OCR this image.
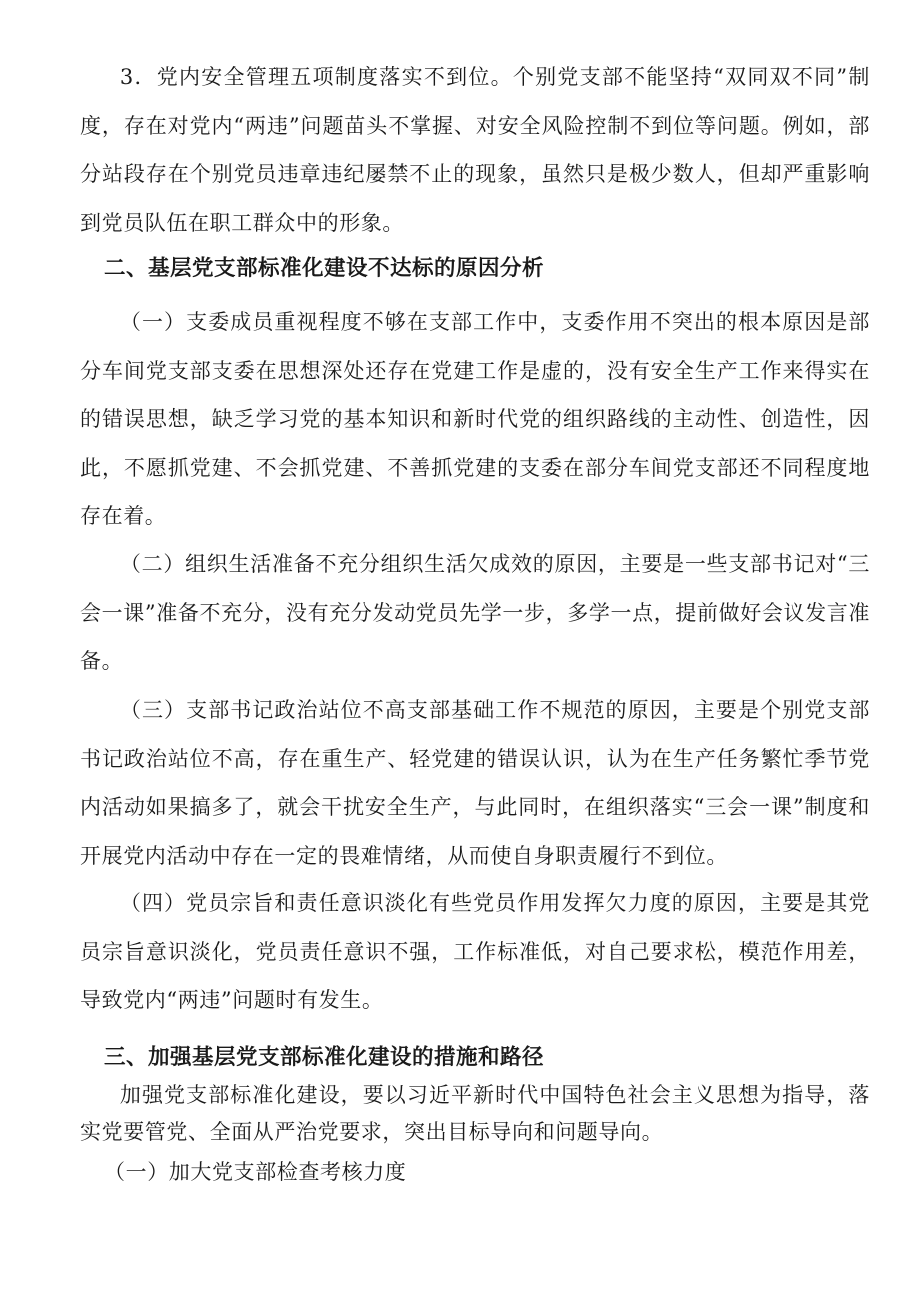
3．党内安全管理五项制度落实不到位。个别党支部不能坚持“双同双不同”制度，存在对党内“两违”问题苗头不掌握、对安全风险控制不到位等问题。例如，部分站段存在个别党员违章违纪屡禁不止的现象，虽然只是极少数人，但却严重影响到党员队伍在职工群众中的形象。

二、基层党支部标准化建设不达标的原因分析

（一）支委成员重视程度不够在支部工作中，支委作用不突出的根本原因是部分车间党支部支委在思想深处还存在党建工作是虚的，没有安全生产工作来得实在的错误思想，缺乏学习党的基本知识和新时代党的组织路线的主动性、创造性，因此，不愿抓党建、不会抓党建、不善抓党建的支委在部分车间党支部还不同程度地存在着。

（二）组织生活准备不充分组织生活欠成效的原因，主要是一些支部书记对“三会一课”准备不充分，没有充分发动党员先学一步，多学一点，提前做好会议发言准备。

（三）支部书记政治站位不高支部基础工作不规范的原因，主要是个别党支部书记政治站位不高，存在重生产、轻党建的错误认识，认为在生产任务繁忙季节党内活动如果搞多了，就会干扰安全生产，与此同时，在组织落实“三会一课”制度和开展党内活动中存在一定的畏难情绪，从而使自身职责履行不到位。

（四）党员宗旨和责任意识淡化有些党员作用发挥欠力度的原因，主要是其党员宗旨意识淡化，党员责任意识不强，工作标准低，对自己要求松，模范作用差，导致党内“两违”问题时有发生。

三、加强基层党支部标准化建设的措施和路径

加强党支部标准化建设，要以习近平新时代中国特色社会主义思想为指导，落实党要管党、全面从严治党要求，突出目标导向和问题导向。

（一）加大党支部检查考核力度
